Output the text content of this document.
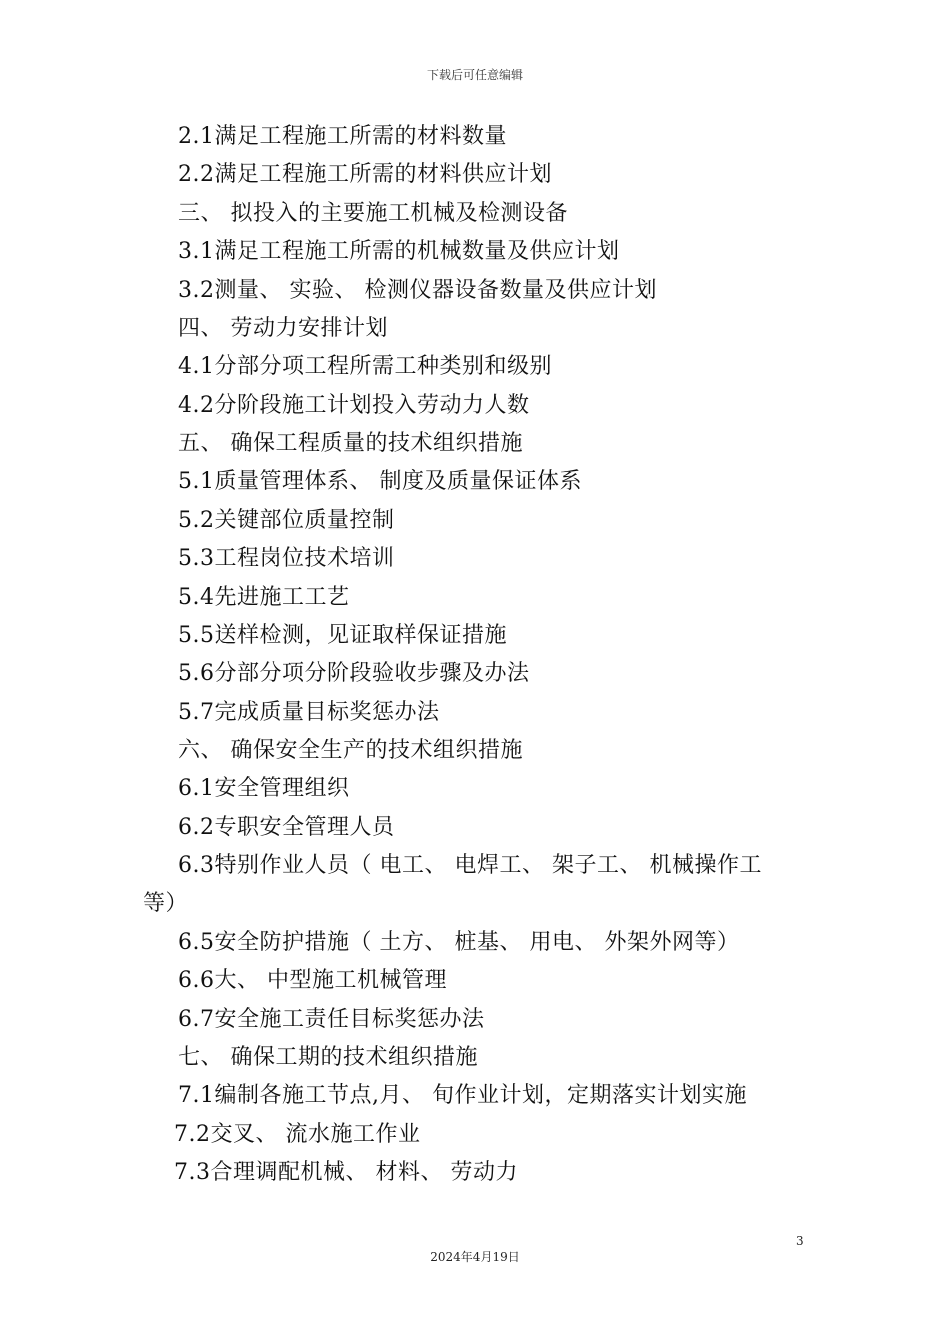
下载后可任意编辑
2.1满足工程施工所需的材料数量
2.2满足工程施工所需的材料供应计划
三、 拟投入的主要施工机械及检测设备
3.1满足工程施工所需的机械数量及供应计划
3.2测量、 实验、 检测仪器设备数量及供应计划
四、 劳动力安排计划
4.1分部分项工程所需工种类别和级别
4.2分阶段施工计划投入劳动力人数
五、 确保工程质量的技术组织措施
5.1质量管理体系、 制度及质量保证体系
5.2关键部位质量控制
5.3工程岗位技术培训
5.4先进施工工艺
5.5送样检测，见证取样保证措施
5.6分部分项分阶段验收步骤及办法
5.7完成质量目标奖惩办法
六、 确保安全生产的技术组织措施
6.1安全管理组织
6.2专职安全管理人员
6.3特别作业人员（ 电工、 电焊工、 架子工、 机械操作工
等）
6.5安全防护措施（ 土方、 桩基、 用电、 外架外网等）
6.6大、 中型施工机械管理
6.7安全施工责任目标奖惩办法
七、 确保工期的技术组织措施
7.1编制各施工节点,月、 旬作业计划，定期落实计划实施
7.2交叉、 流水施工作业
7.3合理调配机械、 材料、 劳动力
3
2024年4月19日
